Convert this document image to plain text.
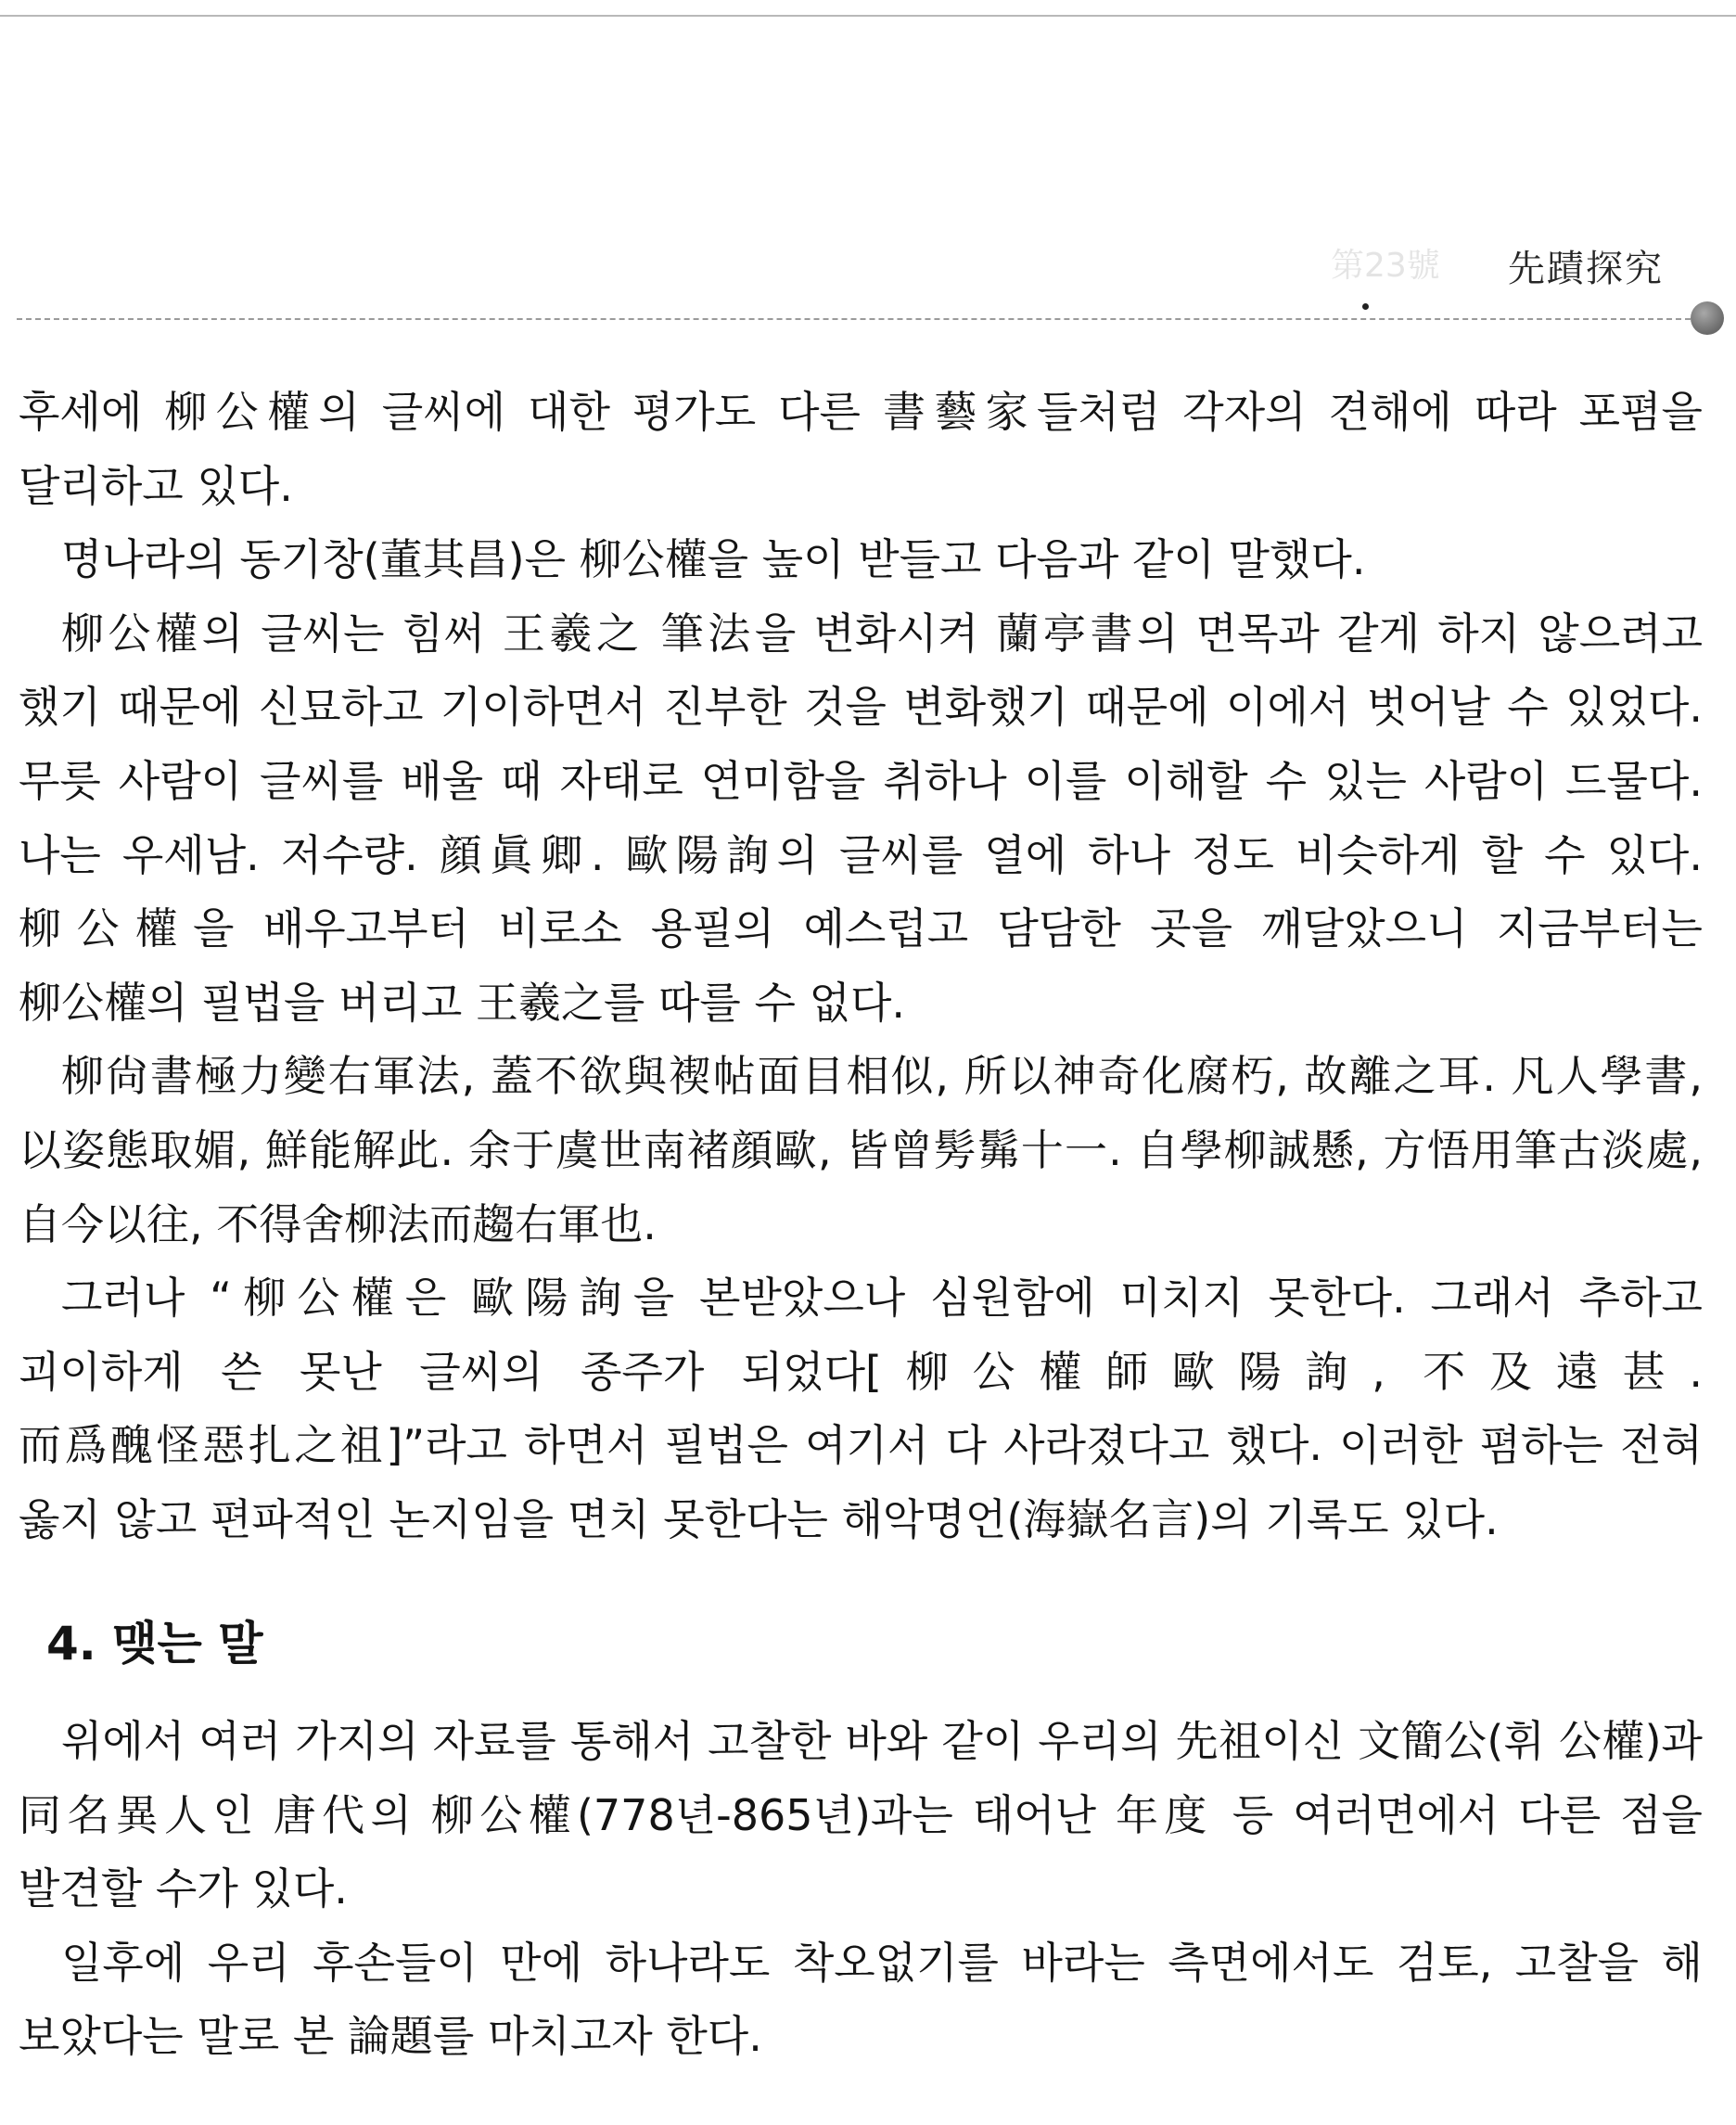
第23號 先蹟探究

후세에 柳公權의 글씨에 대한 평가도 다른 書藝家들처럼 각자의 견해에 따라 포폄을 달리하고 있다.

명나라의 동기창(董其昌)은 柳公權을 높이 받들고 다음과 같이 말했다.

柳公權의 글씨는 힘써 王羲之 筆法을 변화시켜 蘭亭書의 면목과 같게 하지 않으려고 했기 때문에 신묘하고 기이하면서 진부한 것을 변화했기 때문에 이에서 벗어날 수 있었다. 무릇 사람이 글씨를 배울 때 자태로 연미함을 취하나 이를 이해할 수 있는 사람이 드물다. 나는 우세남. 저수량. 顔眞卿. 歐陽詢의 글씨를 열에 하나 정도 비슷하게 할 수 있다. 柳公權을 배우고부터 비로소 용필의 예스럽고 담담한 곳을 깨달았으니 지금부터는 柳公權의 필법을 버리고 王羲之를 따를 수 없다.

柳尙書極力變右軍法, 蓋不欲與褉帖面目相似, 所以神奇化腐朽, 故離之耳. 凡人學書, 以姿態取媚, 鮮能解此. 余于虞世南褚顔歐, 皆曾髣髴十一. 自學柳誠懸, 方悟用筆古淡處, 自今以往, 不得舍柳法而趨右軍也.

그러나 “柳公權은 歐陽詢을 본받았으나 심원함에 미치지 못한다. 그래서 추하고 괴이하게 쓴 못난 글씨의 종주가 되었다[柳公權師歐陽詢, 不及遠甚. 而爲醜怪惡扎之祖]”라고 하면서 필법은 여기서 다 사라졌다고 했다. 이러한 폄하는 전혀 옳지 않고 편파적인 논지임을 면치 못한다는 해악명언(海嶽名言)의 기록도 있다.

4. 맺는 말

위에서 여러 가지의 자료를 통해서 고찰한 바와 같이 우리의 先祖이신 文簡公(휘 公權)과 同名異人인 唐代의 柳公權(778년-865년)과는 태어난 年度 등 여러면에서 다른 점을 발견할 수가 있다.

일후에 우리 후손들이 만에 하나라도 착오없기를 바라는 측면에서도 검토, 고찰을 해 보았다는 말로 본 論題를 마치고자 한다.
